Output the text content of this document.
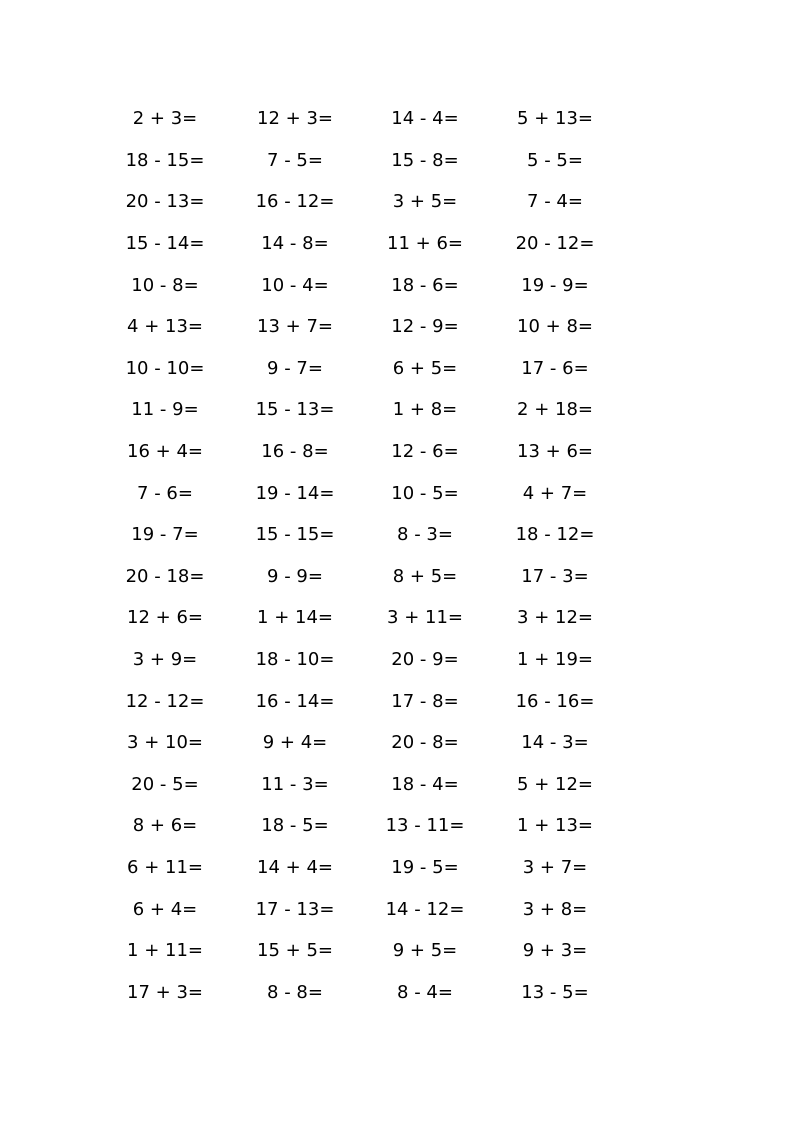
2 + 3=	12 + 3=	14 - 4=	5 + 13=
18 - 15=	7 - 5=	15 - 8=	5 - 5=
20 - 13=	16 - 12=	3 + 5=	7 - 4=
15 - 14=	14 - 8=	11 + 6=	20 - 12=
10 - 8=	10 - 4=	18 - 6=	19 - 9=
4 + 13=	13 + 7=	12 - 9=	10 + 8=
10 - 10=	9 - 7=	6 + 5=	17 - 6=
11 - 9=	15 - 13=	1 + 8=	2 + 18=
16 + 4=	16 - 8=	12 - 6=	13 + 6=
7 - 6=	19 - 14=	10 - 5=	4 + 7=
19 - 7=	15 - 15=	8 - 3=	18 - 12=
20 - 18=	9 - 9=	8 + 5=	17 - 3=
12 + 6=	1 + 14=	3 + 11=	3 + 12=
3 + 9=	18 - 10=	20 - 9=	1 + 19=
12 - 12=	16 - 14=	17 - 8=	16 - 16=
3 + 10=	9 + 4=	20 - 8=	14 - 3=
20 - 5=	11 - 3=	18 - 4=	5 + 12=
8 + 6=	18 - 5=	13 - 11=	1 + 13=
6 + 11=	14 + 4=	19 - 5=	3 + 7=
6 + 4=	17 - 13=	14 - 12=	3 + 8=
1 + 11=	15 + 5=	9 + 5=	9 + 3=
17 + 3=	8 - 8=	8 - 4=	13 - 5=
